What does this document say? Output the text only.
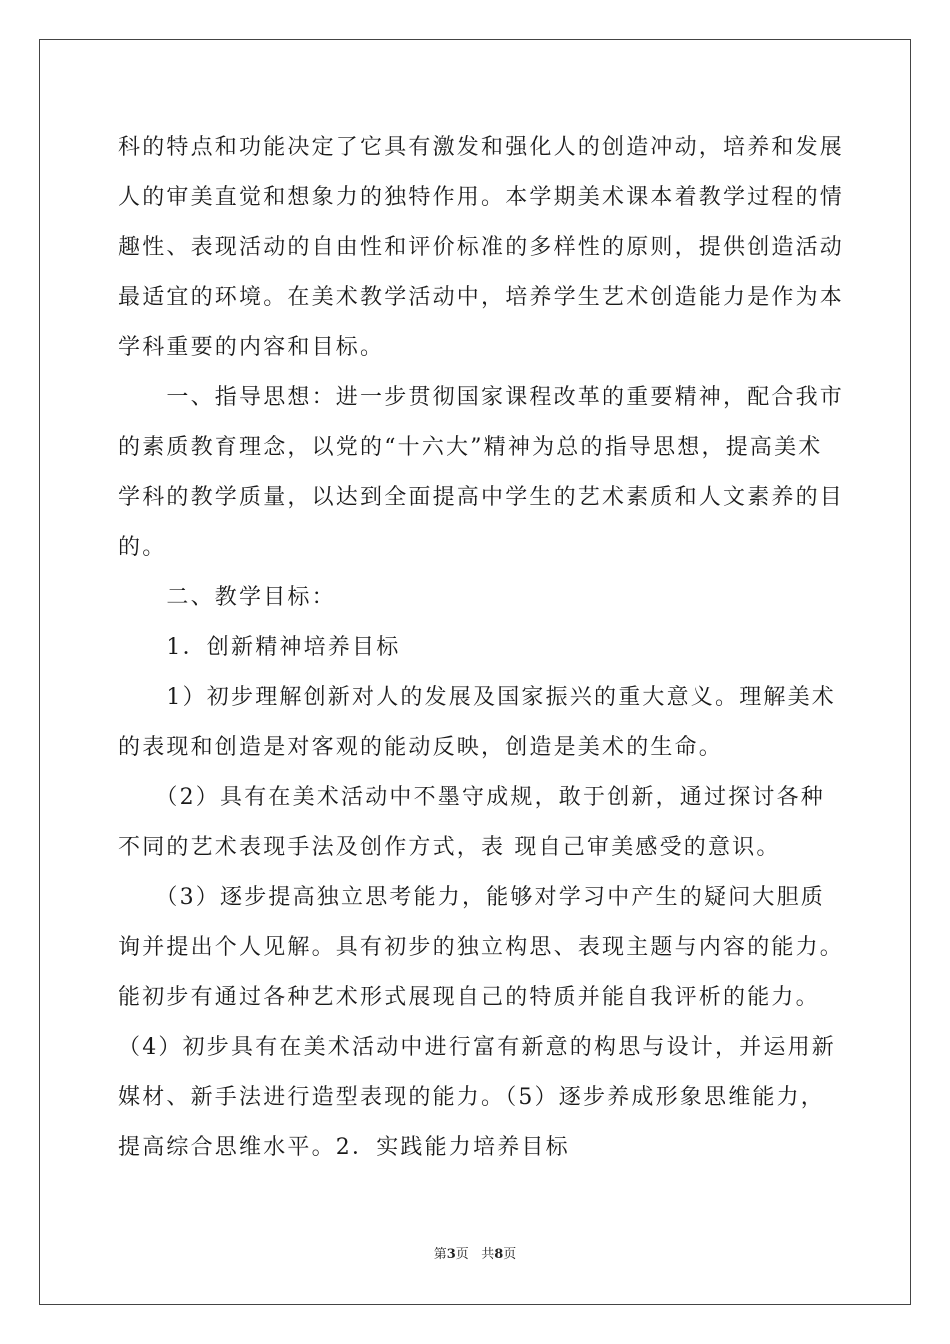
科的特点和功能决定了它具有激发和强化人的创造冲动，培养和发展
人的审美直觉和想象力的独特作用。本学期美术课本着教学过程的情
趣性、表现活动的自由性和评价标准的多样性的原则，提供创造活动
最适宜的环境。在美术教学活动中，培养学生艺术创造能力是作为本
学科重要的内容和目标。
　　一、指导思想：进一步贯彻国家课程改革的重要精神，配合我市
的素质教育理念，以党的“十六大”精神为总的指导思想，提高美术
学科的教学质量，以达到全面提高中学生的艺术素质和人文素养的目
的。
　　二、教学目标：
　　1．创新精神培养目标
　　1）初步理解创新对人的发展及国家振兴的重大意义。理解美术
的表现和创造是对客观的能动反映，创造是美术的生命。
　　（2）具有在美术活动中不墨守成规，敢于创新，通过探讨各种
不同的艺术表现手法及创作方式，表 现自己审美感受的意识。
　　（3）逐步提高独立思考能力，能够对学习中产生的疑问大胆质
询并提出个人见解。具有初步的独立构思、表现主题与内容的能力。
能初步有通过各种艺术形式展现自己的特质并能自我评析的能力。
（4）初步具有在美术活动中进行富有新意的构思与设计，并运用新
媒材、新手法进行造型表现的能力。（5）逐步养成形象思维能力，
提高综合思维水平。2．实践能力培养目标
第3页 共8页
